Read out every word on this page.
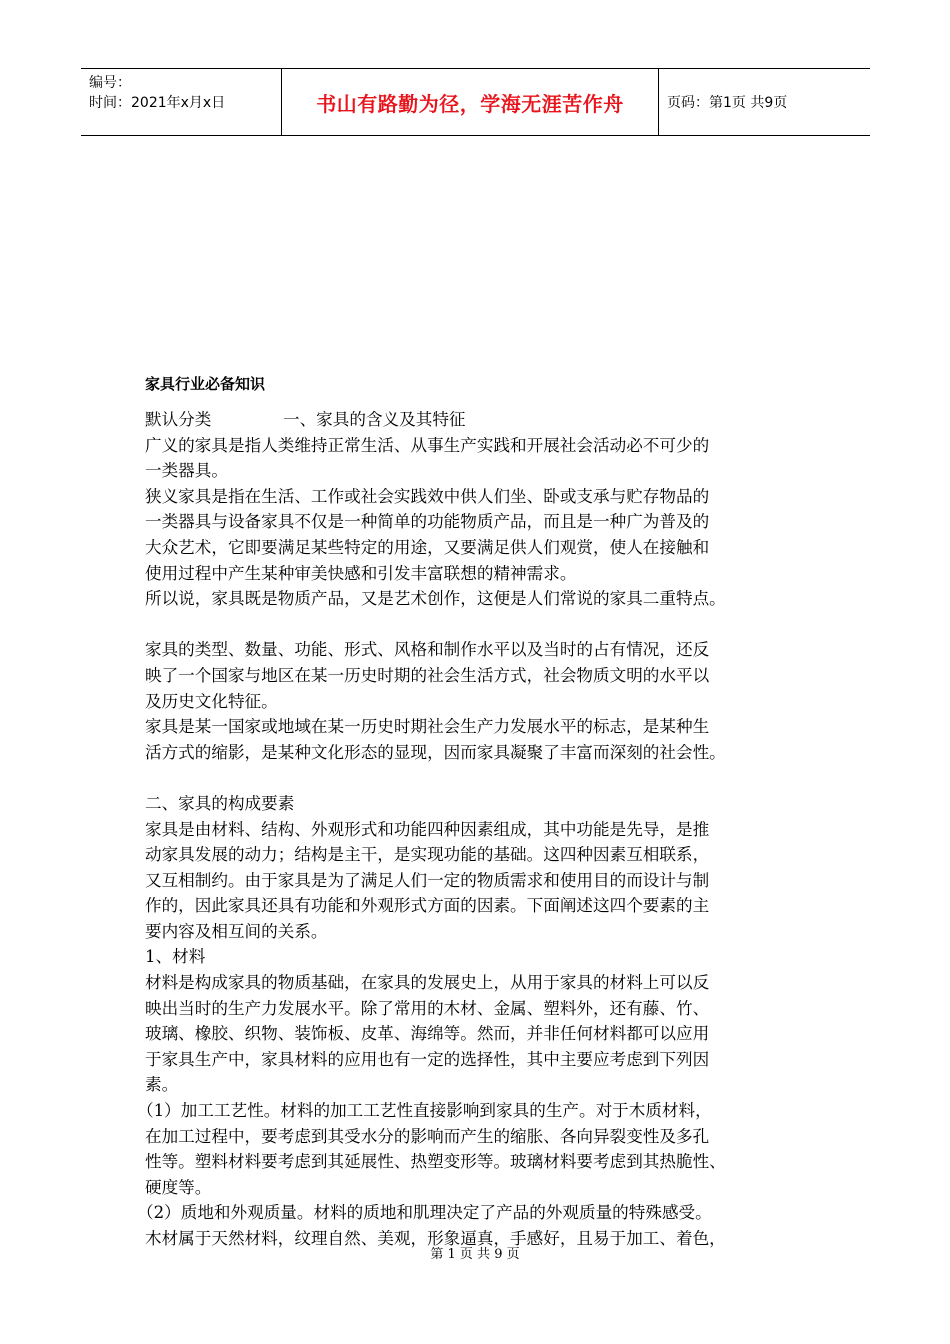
编号：
时间：2021年x月x日	书山有路勤为径，学海无涯苦作舟	页码：第1页 共9页
家具行业必备知识
默认分类	一、家具的含义及其特征
广义的家具是指人类维持正常生活、从事生产实践和开展社会活动必不可少的
一类器具。
狭义家具是指在生活、工作或社会实践效中供人们坐、卧或支承与贮存物品的
一类器具与设备家具不仅是一种简单的功能物质产品，而且是一种广为普及的
大众艺术，它即要满足某些特定的用途，又要满足供人们观赏，使人在接触和
使用过程中产生某种审美快感和引发丰富联想的精神需求。
所以说，家具既是物质产品，又是艺术创作，这便是人们常说的家具二重特点。
家具的类型、数量、功能、形式、风格和制作水平以及当时的占有情况，还反
映了一个国家与地区在某一历史时期的社会生活方式，社会物质文明的水平以
及历史文化特征。
家具是某一国家或地域在某一历史时期社会生产力发展水平的标志，是某种生
活方式的缩影，是某种文化形态的显现，因而家具凝聚了丰富而深刻的社会性。
二、家具的构成要素
家具是由材料、结构、外观形式和功能四种因素组成，其中功能是先导，是推
动家具发展的动力；结构是主干，是实现功能的基础。这四种因素互相联系，
又互相制约。由于家具是为了满足人们一定的物质需求和使用目的而设计与制
作的，因此家具还具有功能和外观形式方面的因素。下面阐述这四个要素的主
要内容及相互间的关系。
1、材料
材料是构成家具的物质基础，在家具的发展史上，从用于家具的材料上可以反
映出当时的生产力发展水平。除了常用的木材、金属、塑料外，还有藤、竹、
玻璃、橡胶、织物、装饰板、皮革、海绵等。然而，并非任何材料都可以应用
于家具生产中，家具材料的应用也有一定的选择性，其中主要应考虑到下列因
素。
（1）加工工艺性。材料的加工工艺性直接影响到家具的生产。对于木质材料，
在加工过程中，要考虑到其受水分的影响而产生的缩胀、各向异裂变性及多孔
性等。塑料材料要考虑到其延展性、热塑变形等。玻璃材料要考虑到其热脆性、
硬度等。
（2）质地和外观质量。材料的质地和肌理决定了产品的外观质量的特殊感受。
木材属于天然材料，纹理自然、美观，形象逼真，手感好，且易于加工、着色，
第 1 页 共 9 页
